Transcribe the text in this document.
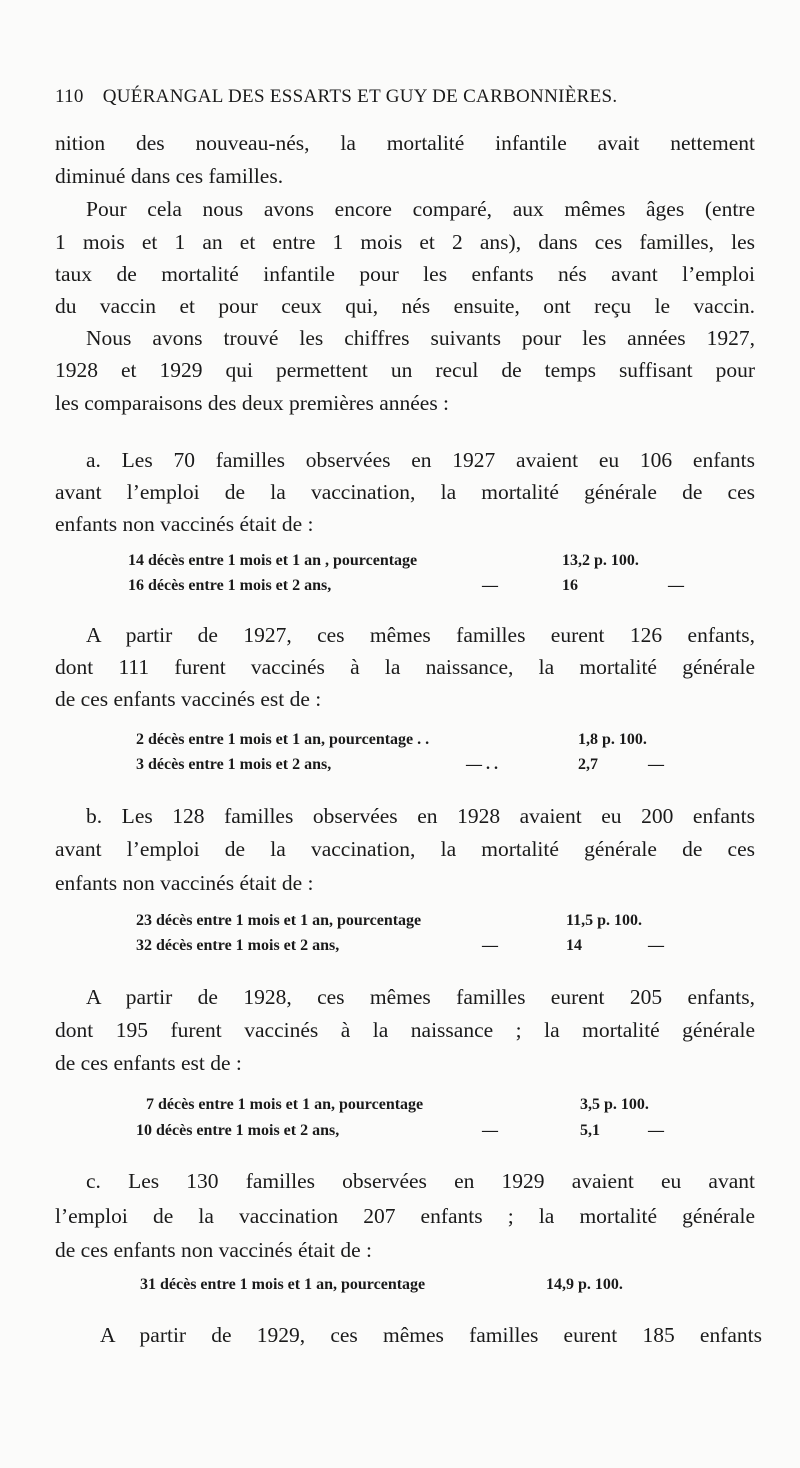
110 QUÉRANGAL DES ESSARTS ET GUY DE CARBONNIÈRES.
nition des nouveau-nés, la mortalité infantile avait nettement
diminué dans ces familles.
Pour cela nous avons encore comparé, aux mêmes âges (entre
1 mois et 1 an et entre 1 mois et 2 ans), dans ces familles, les
taux de mortalité infantile pour les enfants nés avant l’emploi
du vaccin et pour ceux qui, nés ensuite, ont reçu le vaccin.
Nous avons trouvé les chiffres suivants pour les années 1927,
1928 et 1929 qui permettent un recul de temps suffisant pour
les comparaisons des deux premières années :
a. Les 70 familles observées en 1927 avaient eu 106 enfants
avant l’emploi de la vaccination, la mortalité générale de ces
enfants non vaccinés était de :
14 décès entre 1 mois et 1 an , pourcentage	13,2 p. 100.
16 décès entre 1 mois et 2 ans,	—	16	—
A partir de 1927, ces mêmes familles eurent 126 enfants,
dont 111 furent vaccinés à la naissance, la mortalité générale
de ces enfants vaccinés est de :
2 décès entre 1 mois et 1 an, pourcentage . .	1,8 p. 100.
3 décès entre 1 mois et 2 ans,	— . .	2,7	—
b. Les 128 familles observées en 1928 avaient eu 200 enfants
avant l’emploi de la vaccination, la mortalité générale de ces
enfants non vaccinés était de :
23 décès entre 1 mois et 1 an, pourcentage	11,5 p. 100.
32 décès entre 1 mois et 2 ans,	—	14	—
A partir de 1928, ces mêmes familles eurent 205 enfants,
dont 195 furent vaccinés à la naissance ; la mortalité générale
de ces enfants est de :
7 décès entre 1 mois et 1 an, pourcentage	3,5 p. 100.
10 décès entre 1 mois et 2 ans,	—	5,1	—
c. Les 130 familles observées en 1929 avaient eu avant
l’emploi de la vaccination 207 enfants ; la mortalité générale
de ces enfants non vaccinés était de :
31 décès entre 1 mois et 1 an, pourcentage	14,9 p. 100.
A partir de 1929, ces mêmes familles eurent 185 enfants
